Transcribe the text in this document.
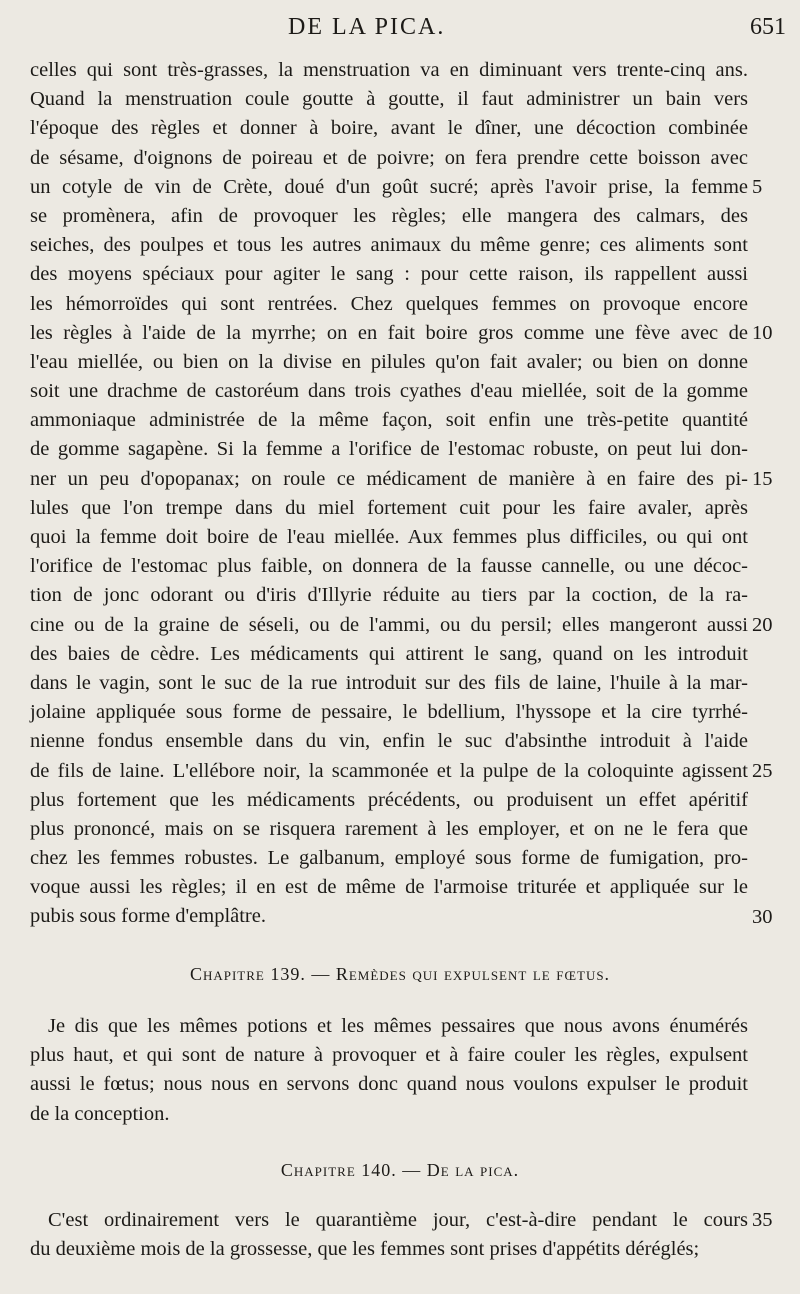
DE LA PICA.	651
celles qui sont très-grasses, la menstruation va en diminuant vers trente-cinq ans.
Quand la menstruation coule goutte à goutte, il faut administrer un bain vers
l'époque des règles et donner à boire, avant le dîner, une décoction combinée
de sésame, d'oignons de poireau et de poivre; on fera prendre cette boisson avec
un cotyle de vin de Crète, doué d'un goût sucré; après l'avoir prise, la femme
se promènera, afin de provoquer les règles; elle mangera des calmars, des
seiches, des poulpes et tous les autres animaux du même genre; ces aliments sont
des moyens spéciaux pour agiter le sang : pour cette raison, ils rappellent aussi
les hémorroïdes qui sont rentrées. Chez quelques femmes on provoque encore
les règles à l'aide de la myrrhe; on en fait boire gros comme une fève avec de
l'eau miellée, ou bien on la divise en pilules qu'on fait avaler; ou bien on donne
soit une drachme de castoréum dans trois cyathes d'eau miellée, soit de la gomme
ammoniaque administrée de la même façon, soit enfin une très-petite quantité
de gomme sagapène. Si la femme a l'orifice de l'estomac robuste, on peut lui don-
ner un peu d'opopanax; on roule ce médicament de manière à en faire des pi-
lules que l'on trempe dans du miel fortement cuit pour les faire avaler, après
quoi la femme doit boire de l'eau miellée. Aux femmes plus difficiles, ou qui ont
l'orifice de l'estomac plus faible, on donnera de la fausse cannelle, ou une décoc-
tion de jonc odorant ou d'iris d'Illyrie réduite au tiers par la coction, de la ra-
cine ou de la graine de séseli, ou de l'ammi, ou du persil; elles mangeront aussi
des baies de cèdre. Les médicaments qui attirent le sang, quand on les introduit
dans le vagin, sont le suc de la rue introduit sur des fils de laine, l'huile à la mar-
jolaine appliquée sous forme de pessaire, le bdellium, l'hyssope et la cire tyrrhé-
nienne fondus ensemble dans du vin, enfin le suc d'absinthe introduit à l'aide
de fils de laine. L'ellébore noir, la scammonée et la pulpe de la coloquinte agissent
plus fortement que les médicaments précédents, ou produisent un effet apéritif
plus prononcé, mais on se risquera rarement à les employer, et on ne le fera que
chez les femmes robustes. Le galbanum, employé sous forme de fumigation, pro-
voque aussi les règles; il en est de même de l'armoise triturée et appliquée sur le
pubis sous forme d'emplâtre.
5
10
15
20
25
30
Chapitre 139. — Remèdes qui expulsent le fœtus.
Je dis que les mêmes potions et les mêmes pessaires que nous avons énumérés
plus haut, et qui sont de nature à provoquer et à faire couler les règles, expulsent
aussi le fœtus; nous nous en servons donc quand nous voulons expulser le produit
de la conception.
Chapitre 140. — De la pica.
C'est ordinairement vers le quarantième jour, c'est-à-dire pendant le cours
du deuxième mois de la grossesse, que les femmes sont prises d'appétits déréglés;
35
